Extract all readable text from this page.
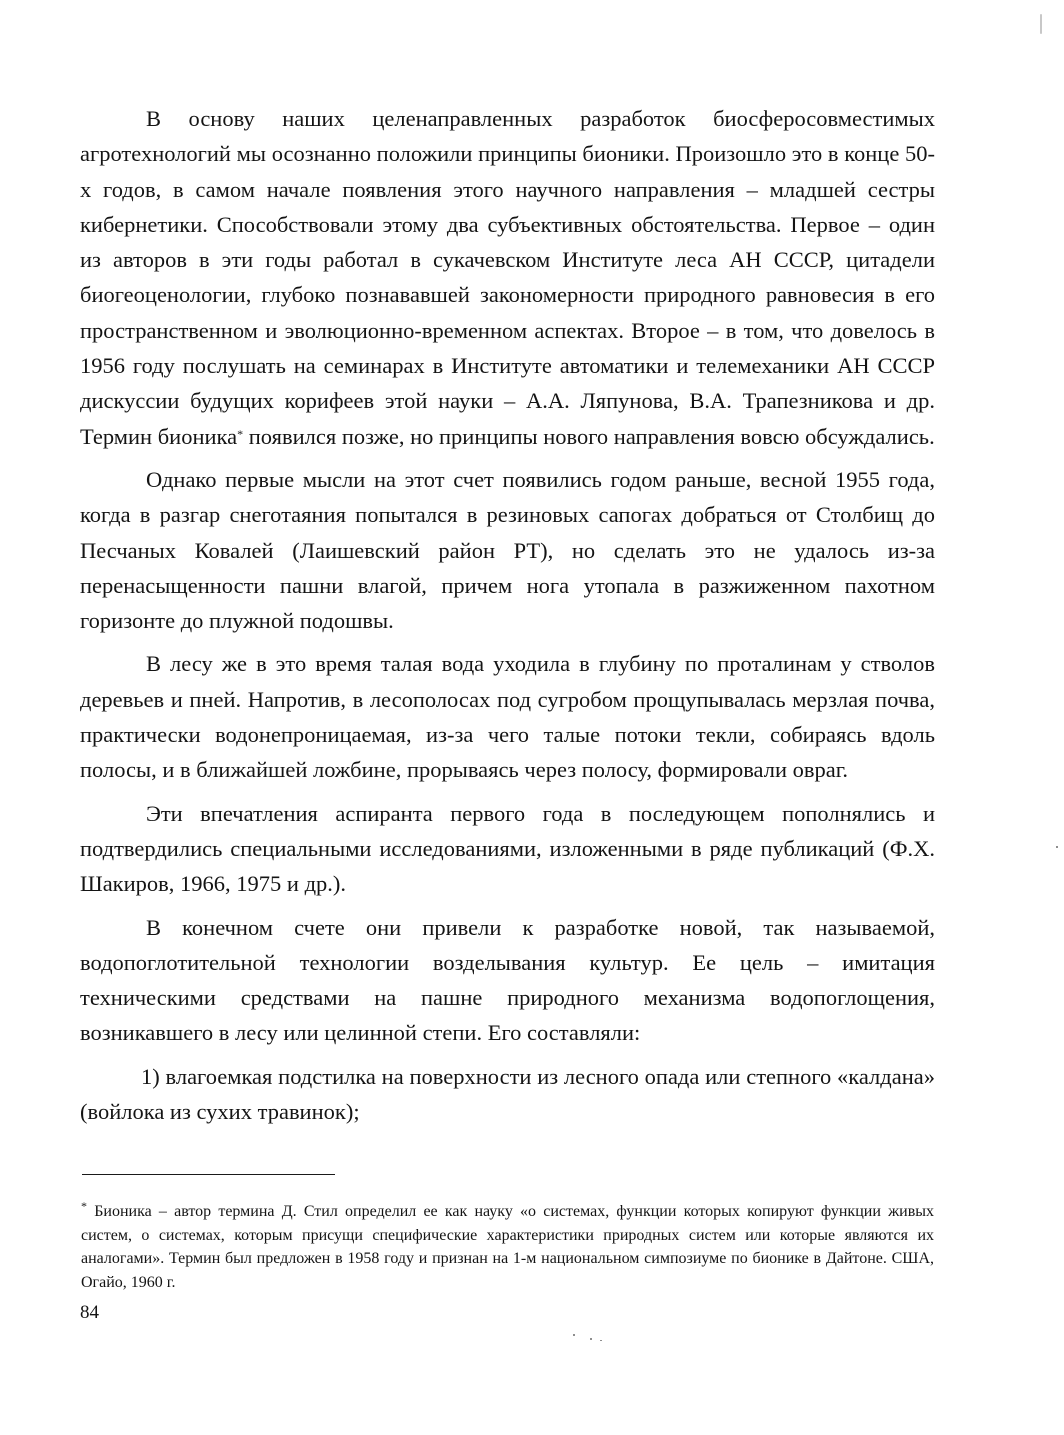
В основу наших целенаправленных разработок биосферосовместимых агротехнологий мы осознанно положили принципы бионики. Произошло это в конце 50-х годов, в самом начале появления этого научного направления – младшей сестры кибернетики. Способствовали этому два субъективных обстоятельства. Первое – один из авторов в эти годы работал в сукачевском Институте леса АН СССР, цитадели биогеоценологии, глубоко познававшей закономерности природного равновесия в его пространственном и эволюционно-временном аспектах. Второе – в том, что довелось в 1956 году послушать на семинарах в Институте автоматики и телемеханики АН СССР дискуссии будущих корифеев этой науки – А.А. Ляпунова, В.А. Трапезникова и др. Термин бионика* появился позже, но принципы нового направления вовсю обсуждались.

Однако первые мысли на этот счет появились годом раньше, весной 1955 года, когда в разгар снеготаяния попытался в резиновых сапогах добраться от Столбищ до Песчаных Ковалей (Лаишевский район РТ), но сделать это не удалось из-за перенасыщенности пашни влагой, причем нога утопала в разжиженном пахотном горизонте до плужной подошвы.

В лесу же в это время талая вода уходила в глубину по проталинам у стволов деревьев и пней. Напротив, в лесополосах под сугробом прощупывалась мерзлая почва, практически водонепроницаемая, из-за чего талые потоки текли, собираясь вдоль полосы, и в ближайшей ложбине, прорываясь через полосу, формировали овраг.

Эти впечатления аспиранта первого года в последующем пополнялись и подтвердились специальными исследованиями, изложенными в ряде публикаций (Ф.Х. Шакиров, 1966, 1975 и др.).

В конечном счете они привели к разработке новой, так называемой, водопоглотительной технологии возделывания культур. Ее цель – имитация техническими средствами на пашне природного механизма водопоглощения, возникавшего в лесу или целинной степи. Его составляли:

1) влагоемкая подстилка на поверхности из лесного опада или степного «калдана» (войлока из сухих травинок);

* Бионика – автор термина Д. Стил определил ее как науку «о системах, функции которых копируют функции живых систем, о системах, которым присущи специфические характеристики природных систем или которые являются их аналогами». Термин был предложен в 1958 году и признан на 1-м национальном симпозиуме по бионике в Дайтоне. США, Огайо, 1960 г.

84
